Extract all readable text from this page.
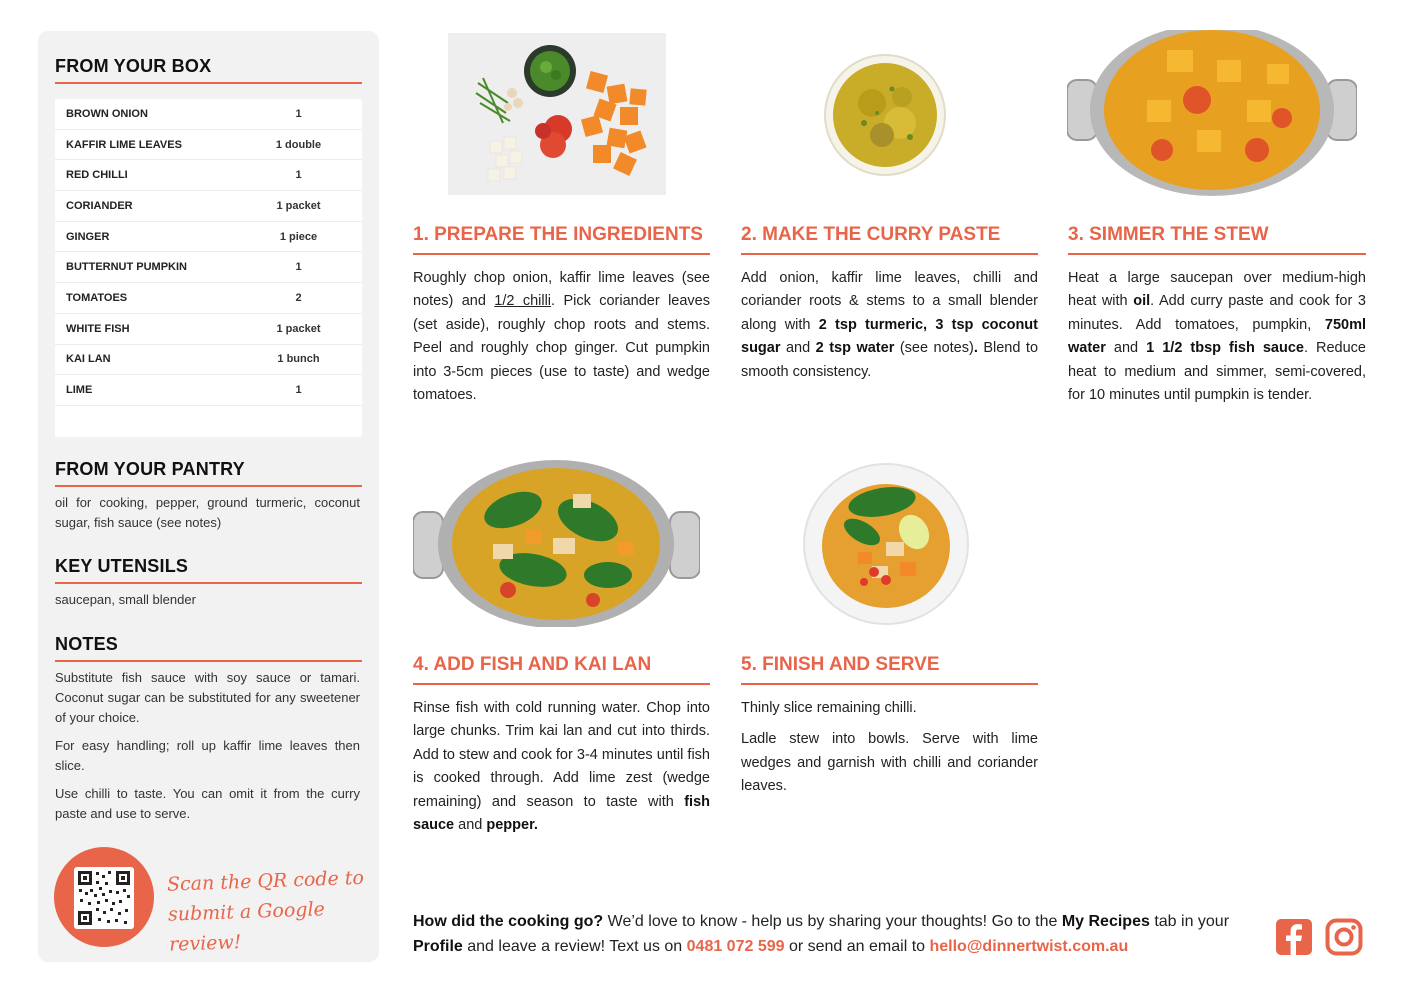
FROM YOUR BOX
BROWN ONION	1
KAFFIR LIME LEAVES	1 double
RED CHILLI	1
CORIANDER	1 packet
GINGER	1 piece
BUTTERNUT PUMPKIN	1
TOMATOES	2
WHITE FISH	1 packet
KAI LAN	1 bunch
LIME	1
FROM YOUR PANTRY
oil for cooking, pepper, ground turmeric, coconut sugar, fish sauce (see notes)
KEY UTENSILS
saucepan, small blender
NOTES
Substitute fish sauce with soy sauce or tamari. Coconut sugar can be substituted for any sweetener of your choice.
For easy handling; roll up kaffir lime leaves then slice.
Use chilli to taste. You can omit it from the curry paste and use to serve.
Scan the QR code to
submit a Google review!
1. PREPARE THE INGREDIENTS
Roughly chop onion, kaffir lime leaves (see notes) and 1/2 chilli. Pick coriander leaves (set aside), roughly chop roots and stems. Peel and roughly chop ginger. Cut pumpkin into 3-5cm pieces (use to taste) and wedge tomatoes.
2. MAKE THE CURRY PASTE
Add onion, kaffir lime leaves, chilli and coriander roots & stems to a small blender along with 2 tsp turmeric, 3 tsp coconut sugar and 2 tsp water (see notes). Blend to smooth consistency.
3. SIMMER THE STEW
Heat a large saucepan over medium-high heat with oil. Add curry paste and cook for 3 minutes. Add tomatoes, pumpkin, 750ml water and 1 1/2 tbsp fish sauce. Reduce heat to medium and simmer, semi-covered, for 10 minutes until pumpkin is tender.
4. ADD FISH AND KAI LAN
Rinse fish with cold running water. Chop into large chunks. Trim kai lan and cut into thirds. Add to stew and cook for 3-4 minutes until fish is cooked through. Add lime zest (wedge remaining) and season to taste with fish sauce and pepper.
5. FINISH AND SERVE

Thinly slice remaining chilli.

Ladle stew into bowls. Serve with lime wedges and garnish with chilli and coriander leaves.

How did the cooking go? We’d love to know - help us by sharing your thoughts! Go to the My Recipes tab in your Profile and leave a review! Text us on 0481 072 599 or send an email to hello@dinnertwist.com.au
